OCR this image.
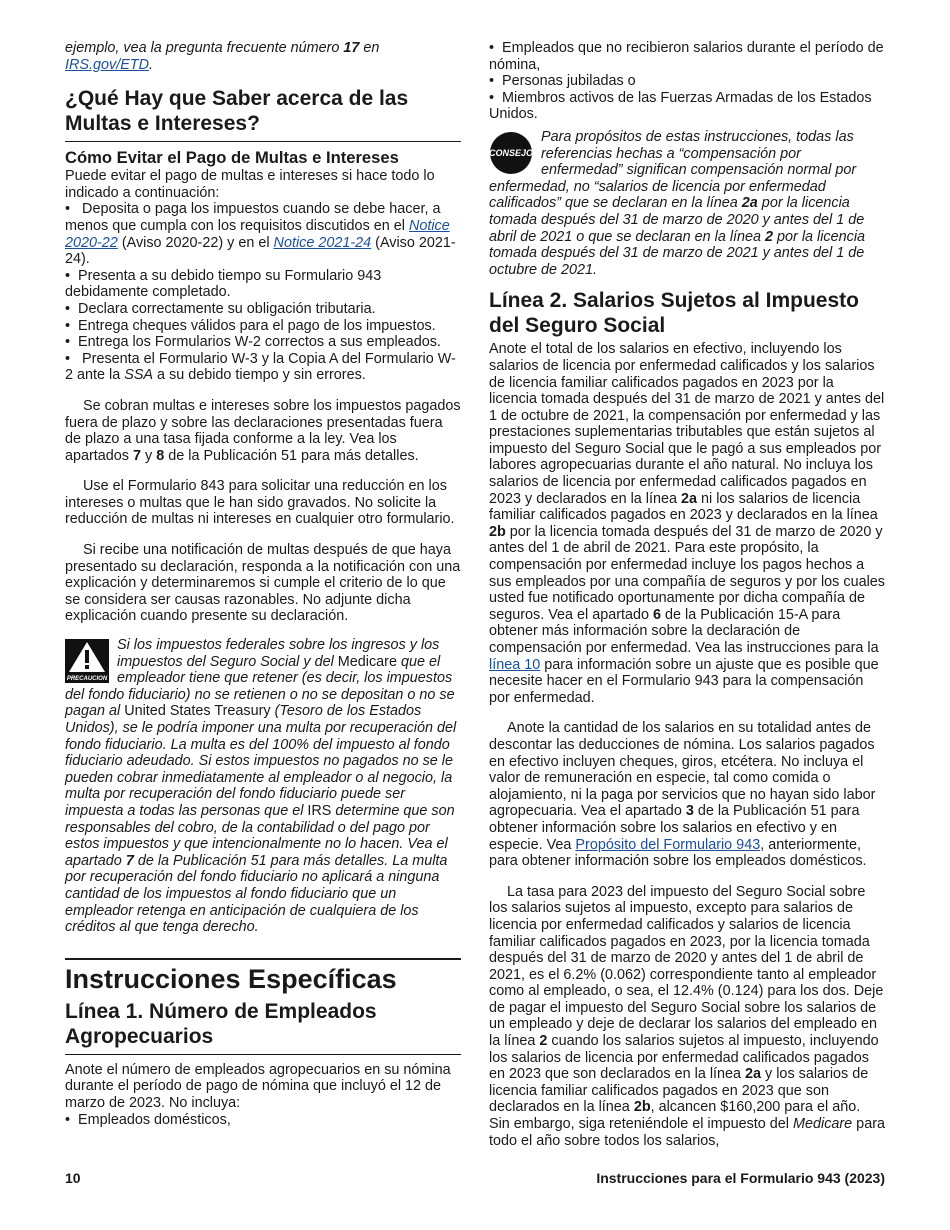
ejemplo, vea la pregunta frecuente número 17 en IRS.gov/ETD.

¿Qué Hay que Saber acerca de las Multas e Intereses?
Cómo Evitar el Pago de Multas e Intereses

Puede evitar el pago de multas e intereses si hace todo lo indicado a continuación:

•  Deposita o paga los impuestos cuando se debe hacer, a menos que cumpla con los requisitos discutidos en el Notice 2020-22 (Aviso 2020-22) y en el Notice 2021-24 (Aviso 2021-24).

•  Presenta a su debido tiempo su Formulario 943 debidamente completado.

•  Declara correctamente su obligación tributaria.

•  Entrega cheques válidos para el pago de los impuestos.

•  Entrega los Formularios W-2 correctos a sus empleados.

•  Presenta el Formulario W-3 y la Copia A del Formulario W-2 ante la SSA a su debido tiempo y sin errores.

Se cobran multas e intereses sobre los impuestos pagados fuera de plazo y sobre las declaraciones presentadas fuera de plazo a una tasa fijada conforme a la ley. Vea los apartados 7 y 8 de la Publicación 51 para más detalles.

Use el Formulario 843 para solicitar una reducción en los intereses o multas que le han sido gravados. No solicite la reducción de multas ni intereses en cualquier otro formulario.

Si recibe una notificación de multas después de que haya presentado su declaración, responda a la notificación con una explicación y determinaremos si cumple el criterio de lo que se considera ser causas razonables. No adjunte dicha explicación cuando presente su declaración.

PRECAUCION
Si los impuestos federales sobre los ingresos y los impuestos del Seguro Social y del Medicare que el empleador tiene que retener (es decir, los impuestos del fondo fiduciario) no se retienen o no se depositan o no se pagan al United States Treasury (Tesoro de los Estados Unidos), se le podría imponer una multa por recuperación del fondo fiduciario. La multa es del 100% del impuesto al fondo fiduciario adeudado. Si estos impuestos no pagados no se le pueden cobrar inmediatamente al empleador o al negocio, la multa por recuperación del fondo fiduciario puede ser impuesta a todas las personas que el IRS determine que son responsables del cobro, de la contabilidad o del pago por estos impuestos y que intencionalmente no lo hacen. Vea el apartado 7 de la Publicación 51 para más detalles. La multa por recuperación del fondo fiduciario no aplicará a ninguna cantidad de los impuestos al fondo fiduciario que un empleador retenga en anticipación de cualquiera de los créditos al que tenga derecho.
Instrucciones Específicas
Línea 1. Número de Empleados Agropecuarios

Anote el número de empleados agropecuarios en su nómina durante el período de pago de nómina que incluyó el 12 de marzo de 2023. No incluya:

•  Empleados domésticos,

•  Empleados que no recibieron salarios durante el período de nómina,

•  Personas jubiladas o

•  Miembros activos de las Fuerzas Armadas de los Estados Unidos.

CONSEJO
Para propósitos de estas instrucciones, todas las referencias hechas a “compensación por enfermedad” significan compensación normal por enfermedad, no “salarios de licencia por enfermedad calificados” que se declaran en la línea 2a por la licencia tomada después del 31 de marzo de 2020 y antes del 1 de abril de 2021 o que se declaran en la línea 2 por la licencia tomada después del 31 de marzo de 2021 y antes del 1 de octubre de 2021.
Línea 2. Salarios Sujetos al Impuesto del Seguro Social

Anote el total de los salarios en efectivo, incluyendo los salarios de licencia por enfermedad calificados y los salarios de licencia familiar calificados pagados en 2023 por la licencia tomada después del 31 de marzo de 2021 y antes del 1 de octubre de 2021, la compensación por enfermedad y las prestaciones suplementarias tributables que están sujetos al impuesto del Seguro Social que le pagó a sus empleados por labores agropecuarias durante el año natural. No incluya los salarios de licencia por enfermedad calificados pagados en 2023 y declarados en la línea 2a ni los salarios de licencia familiar calificados pagados en 2023 y declarados en la línea 2b por la licencia tomada después del 31 de marzo de 2020 y antes del 1 de abril de 2021. Para este propósito, la compensación por enfermedad incluye los pagos hechos a sus empleados por una compañía de seguros y por los cuales usted fue notificado oportunamente por dicha compañía de seguros. Vea el apartado 6 de la Publicación 15-A para obtener más información sobre la declaración de compensación por enfermedad. Vea las instrucciones para la línea 10 para información sobre un ajuste que es posible que necesite hacer en el Formulario 943 para la compensación por enfermedad.

Anote la cantidad de los salarios en su totalidad antes de descontar las deducciones de nómina. Los salarios pagados en efectivo incluyen cheques, giros, etcétera. No incluya el valor de remuneración en especie, tal como comida o alojamiento, ni la paga por servicios que no hayan sido labor agropecuaria. Vea el apartado 3 de la Publicación 51 para obtener información sobre los salarios en efectivo y en especie. Vea Propósito del Formulario 943, anteriormente, para obtener información sobre los empleados domésticos.

La tasa para 2023 del impuesto del Seguro Social sobre los salarios sujetos al impuesto, excepto para salarios de licencia por enfermedad calificados y salarios de licencia familiar calificados pagados en 2023, por la licencia tomada después del 31 de marzo de 2020 y antes del 1 de abril de 2021, es el 6.2% (0.062) correspondiente tanto al empleador como al empleado, o sea, el 12.4% (0.124) para los dos. Deje de pagar el impuesto del Seguro Social sobre los salarios de un empleado y deje de declarar los salarios del empleado en la línea 2 cuando los salarios sujetos al impuesto, incluyendo los salarios de licencia por enfermedad calificados pagados en 2023 que son declarados en la línea 2a y los salarios de licencia familiar calificados pagados en 2023 que son declarados en la línea 2b, alcancen $160,200 para el año. Sin embargo, siga reteniéndole el impuesto del Medicare para todo el año sobre todos los salarios,

10	Instrucciones para el Formulario 943 (2023)
